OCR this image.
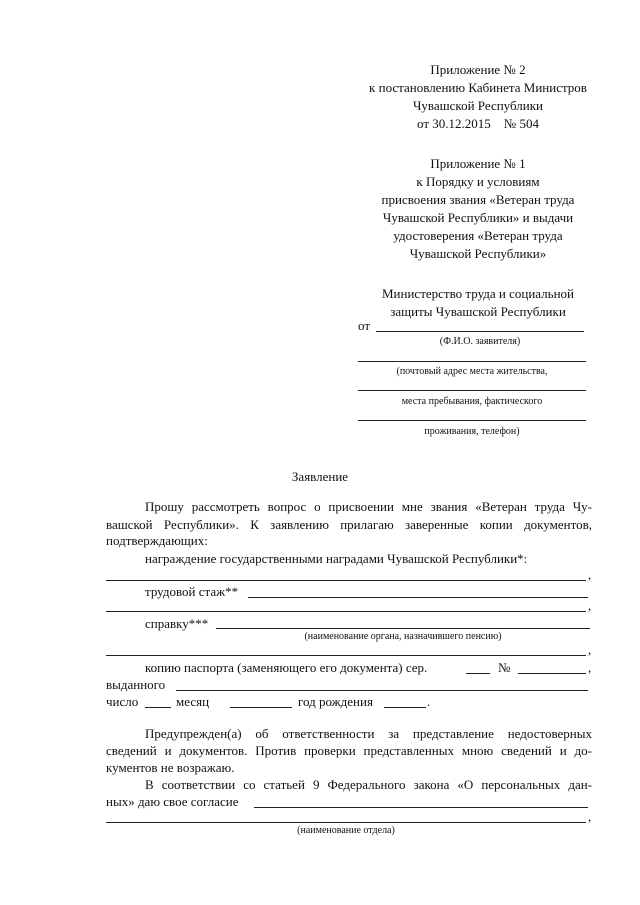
Приложение № 2
к постановлению Кабинета Министров
Чувашской Республики
от 30.12.2015    № 504
Приложение № 1
к Порядку и условиям
присвоения звания «Ветеран труда
Чувашской Республики» и выдачи
удостоверения «Ветеран труда
Чувашской Республики»
Министерство труда и социальной
защиты Чувашской Республики
от
(Ф.И.О. заявителя)
(почтовый адрес места жительства,
места пребывания, фактического
проживания, телефон)
Заявление
Прошу рассмотреть вопрос о присвоении мне звания «Ветеран труда Чу-
вашской Республики». К заявлению прилагаю заверенные копии документов,
подтверждающих:
награждение государственными наградами Чувашской Республики*:
,
трудовой стаж**
,
справку***
(наименование органа, назначившего пенсию)
,
копию паспорта (заменяющего его документа) сер.	№	,
выданного
число	месяц	год рождения	.
Предупрежден(а) об ответственности за представление недостоверных
сведений и документов. Против проверки представленных мною сведений и до-
кументов не возражаю.
В соответствии со статьей 9 Федерального закона «О персональных дан-
ных» даю свое согласие
,
(наименование отдела)
